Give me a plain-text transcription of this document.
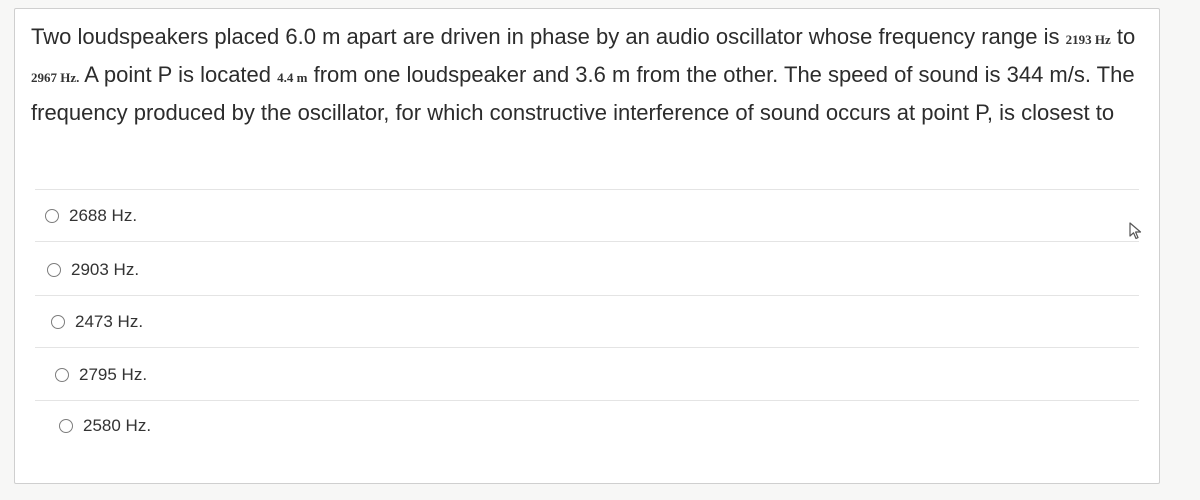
Two loudspeakers placed 6.0 m apart are driven in phase by an audio oscillator whose frequency range is 2193 Hz to 2967 Hz. A point P is located 4.4 m from one loudspeaker and 3.6 m from the other. The speed of sound is 344 m/s. The frequency produced by the oscillator, for which constructive interference of sound occurs at point P, is closest to
2688 Hz.
2903 Hz.
2473 Hz.
2795 Hz.
2580 Hz.
